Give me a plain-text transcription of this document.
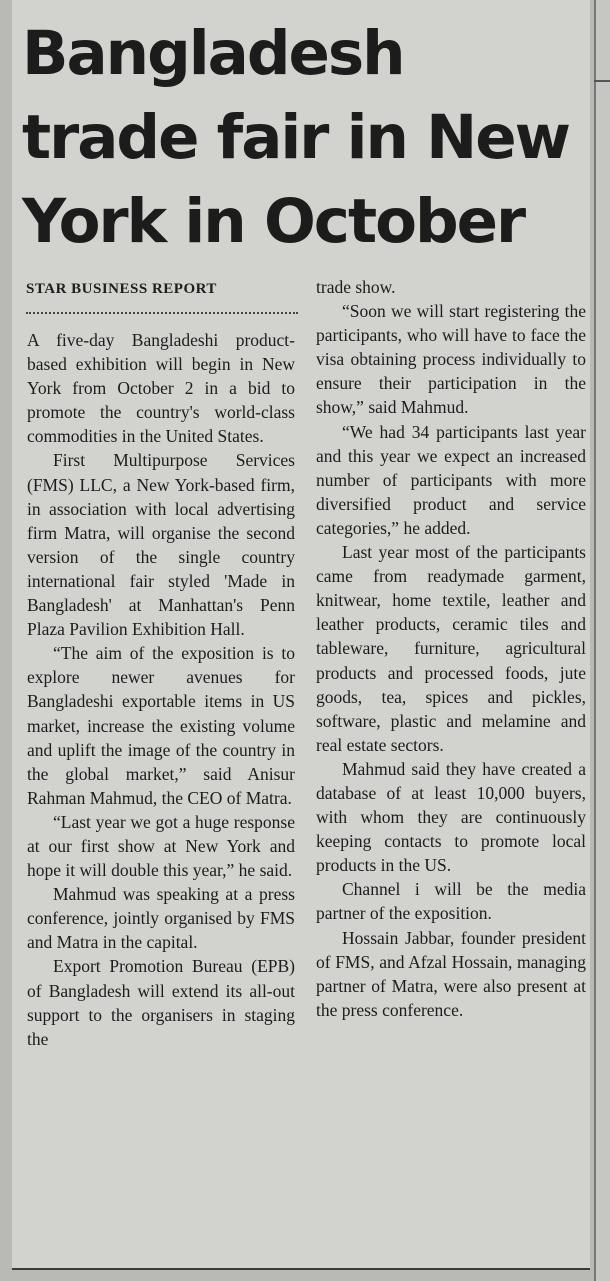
Bangladesh trade fair in New York in October
STAR BUSINESS REPORT

A five-day Bangladeshi product-based exhibition will begin in New York from October 2 in a bid to promote the country's world-class commodities in the United States.

First Multipurpose Services (FMS) LLC, a New York-based firm, in association with local advertising firm Matra, will organise the second version of the single country international fair styled 'Made in Bangladesh' at Manhattan's Penn Plaza Pavilion Exhibition Hall.

“The aim of the exposition is to explore newer avenues for Bangladeshi exportable items in US market, increase the existing volume and uplift the image of the country in the global market,” said Anisur Rahman Mahmud, the CEO of Matra.

“Last year we got a huge response at our first show at New York and hope it will double this year,” he said.

Mahmud was speaking at a press conference, jointly organised by FMS and Matra in the capital.

Export Promotion Bureau (EPB) of Bangladesh will extend its all-out support to the organisers in staging the

trade show.

“Soon we will start registering the participants, who will have to face the visa obtaining process individually to ensure their participation in the show,” said Mahmud.

“We had 34 participants last year and this year we expect an increased number of participants with more diversified product and service categories,” he added.

Last year most of the participants came from readymade garment, knitwear, home textile, leather and leather products, ceramic tiles and tableware, furniture, agricultural products and processed foods, jute goods, tea, spices and pickles, software, plastic and melamine and real estate sectors.

Mahmud said they have created a database of at least 10,000 buyers, with whom they are continuously keeping contacts to promote local products in the US.

Channel i will be the media partner of the exposition.

Hossain Jabbar, founder president of FMS, and Afzal Hossain, managing partner of Matra, were also present at the press conference.
